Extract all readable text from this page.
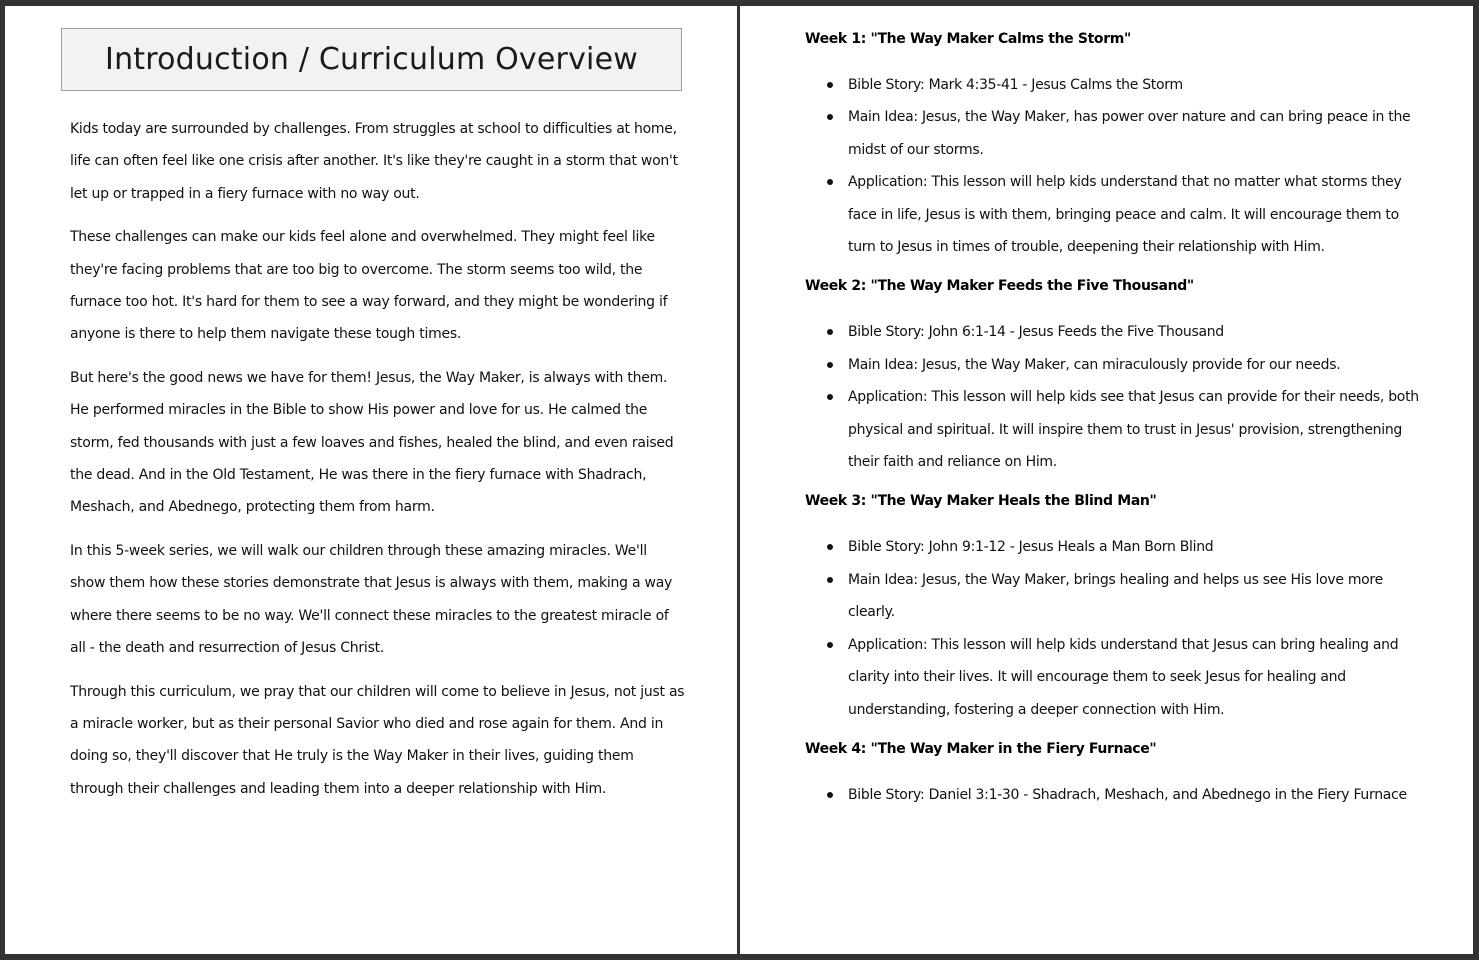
Introduction / Curriculum Overview

Kids today are surrounded by challenges. From struggles at school to difficulties at home, life can often feel like one crisis after another. It's like they're caught in a storm that won't let up or trapped in a fiery furnace with no way out.

These challenges can make our kids feel alone and overwhelmed. They might feel like they're facing problems that are too big to overcome. The storm seems too wild, the furnace too hot. It's hard for them to see a way forward, and they might be wondering if anyone is there to help them navigate these tough times.

But here's the good news we have for them! Jesus, the Way Maker, is always with them. He performed miracles in the Bible to show His power and love for us. He calmed the storm, fed thousands with just a few loaves and fishes, healed the blind, and even raised the dead. And in the Old Testament, He was there in the fiery furnace with Shadrach, Meshach, and Abednego, protecting them from harm.

In this 5-week series, we will walk our children through these amazing miracles. We'll show them how these stories demonstrate that Jesus is always with them, making a way where there seems to be no way. We'll connect these miracles to the greatest miracle of all - the death and resurrection of Jesus Christ.

Through this curriculum, we pray that our children will come to believe in Jesus, not just as a miracle worker, but as their personal Savior who died and rose again for them. And in doing so, they'll discover that He truly is the Way Maker in their lives, guiding them through their challenges and leading them into a deeper relationship with Him.

Week 1: "The Way Maker Calms the Storm"
Bible Story: Mark 4:35-41 - Jesus Calms the Storm
Main Idea: Jesus, the Way Maker, has power over nature and can bring peace in the midst of our storms.
Application: This lesson will help kids understand that no matter what storms they face in life, Jesus is with them, bringing peace and calm. It will encourage them to turn to Jesus in times of trouble, deepening their relationship with Him.
Week 2: "The Way Maker Feeds the Five Thousand"
Bible Story: John 6:1-14 - Jesus Feeds the Five Thousand
Main Idea: Jesus, the Way Maker, can miraculously provide for our needs.
Application: This lesson will help kids see that Jesus can provide for their needs, both physical and spiritual. It will inspire them to trust in Jesus' provision, strengthening their faith and reliance on Him.
Week 3: "The Way Maker Heals the Blind Man"
Bible Story: John 9:1-12 - Jesus Heals a Man Born Blind
Main Idea: Jesus, the Way Maker, brings healing and helps us see His love more clearly.
Application: This lesson will help kids understand that Jesus can bring healing and clarity into their lives. It will encourage them to seek Jesus for healing and understanding, fostering a deeper connection with Him.
Week 4: "The Way Maker in the Fiery Furnace"
Bible Story: Daniel 3:1-30 - Shadrach, Meshach, and Abednego in the Fiery Furnace
